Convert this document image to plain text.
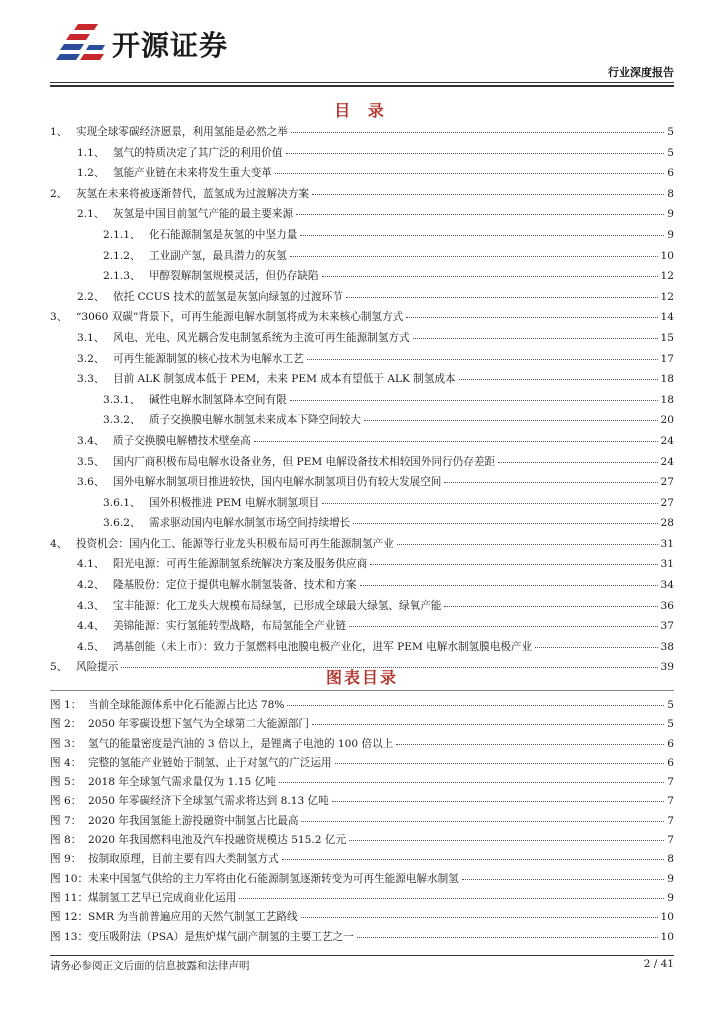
开源证券
行业深度报告
目 录
1、 实现全球零碳经济愿景，利用氢能是必然之举	5
1.1、 氢气的特质决定了其广泛的利用价值	5
1.2、 氢能产业链在未来将发生重大变革	6
2、 灰氢在未来将被逐渐替代，蓝氢成为过渡解决方案	8
2.1、 灰氢是中国目前氢气产能的最主要来源	9
2.1.1、 化石能源制氢是灰氢的中坚力量	9
2.1.2、 工业副产氢，最具潜力的灰氢	10
2.1.3、 甲醇裂解制氢规模灵活，但仍存缺陷	12
2.2、 依托 CCUS 技术的蓝氢是灰氢向绿氢的过渡环节	12
3、 “3060 双碳”背景下，可再生能源电解水制氢将成为未来核心制氢方式	14
3.1、 风电、光电、风光耦合发电制氢系统为主流可再生能源制氢方式	15
3.2、 可再生能源制氢的核心技术为电解水工艺	17
3.3、 目前 ALK 制氢成本低于 PEM，未来 PEM 成本有望低于 ALK 制氢成本	18
3.3.1、 碱性电解水制氢降本空间有限	18
3.3.2、 质子交换膜电解水制氢未来成本下降空间较大	20
3.4、 质子交换膜电解槽技术壁垒高	24
3.5、 国内厂商积极布局电解水设备业务，但 PEM 电解设备技术相较国外同行仍存差距	24
3.6、 国外电解水制氢项目推进较快，国内电解水制氢项目仍有较大发展空间	27
3.6.1、 国外积极推进 PEM 电解水制氢项目	27
3.6.2、 需求驱动国内电解水制氢市场空间持续增长	28
4、 投资机会：国内化工、能源等行业龙头积极布局可再生能源制氢产业	31
4.1、 阳光电源：可再生能源制氢系统解决方案及服务供应商	31
4.2、 隆基股份：定位于提供电解水制氢装备、技术和方案	34
4.3、 宝丰能源：化工龙头大规模布局绿氢，已形成全球最大绿氢、绿氧产能	36
4.4、 美锦能源：实行氢能转型战略，布局氢能全产业链	37
4.5、 鸿基创能（未上市）：致力于氢燃料电池膜电极产业化，进军 PEM 电解水制氢膜电极产业	38
5、 风险提示	39
图表目录
图 1： 当前全球能源体系中化石能源占比达 78%	5
图 2： 2050 年零碳设想下氢气为全球第二大能源部门	5
图 3： 氢气的能量密度是汽油的 3 倍以上，是锂离子电池的 100 倍以上	6
图 4： 完整的氢能产业链始于制氢、止于对氢气的广泛运用	6
图 5： 2018 年全球氢气需求量仅为 1.15 亿吨	7
图 6： 2050 年零碳经济下全球氢气需求将达到 8.13 亿吨	7
图 7： 2020 年我国氢能上游投融资中制氢占比最高	7
图 8： 2020 年我国燃料电池及汽车投融资规模达 515.2 亿元	7
图 9： 按制取原理，目前主要有四大类制氢方式	8
图 10： 未来中国氢气供给的主力军将由化石能源制氢逐渐转变为可再生能源电解水制氢	9
图 11： 煤制氢工艺早已完成商业化运用	9
图 12： SMR 为当前普遍应用的天然气制氢工艺路线	10
图 13： 变压吸附法（PSA）是焦炉煤气副产制氢的主要工艺之一	10
请务必参阅正文后面的信息披露和法律声明	2 / 41
